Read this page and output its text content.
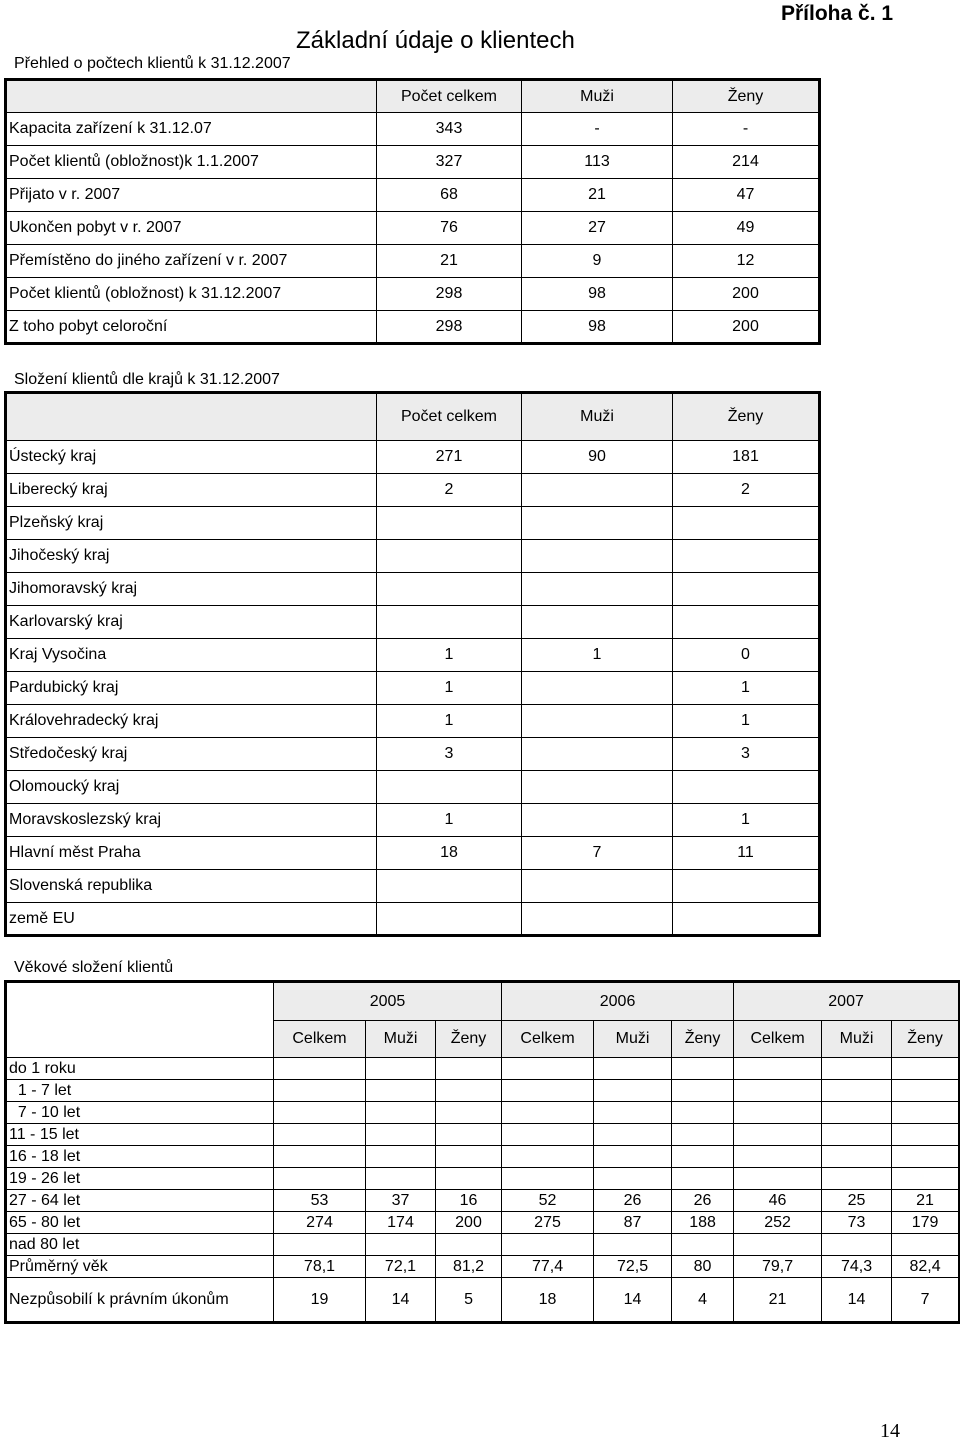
Příloha č. 1
Základní údaje o klientech
Přehled o počtech klientů k 31.12.2007
	Počet celkem	Muži	Ženy
Kapacita zařízení k 31.12.07	343	-	-
Počet klientů (obložnost)k 1.1.2007	327	113	214
Přijato v r. 2007	68	21	47
Ukončen pobyt v r. 2007	76	27	49
Přemístěno do jiného zařízení v r. 2007	21	9	12
Počet klientů (obložnost) k 31.12.2007	298	98	200
Z toho pobyt celoroční	298	98	200
Složení klientů dle krajů k 31.12.2007
	Počet celkem	Muži	Ženy
Ústecký kraj	271	90	181
Liberecký kraj	2		2
Plzeňský kraj			
Jihočeský kraj			
Jihomoravský kraj			
Karlovarský kraj			
Kraj Vysočina	1	1	0
Pardubický kraj	1		1
Královehradecký kraj	1		1
Středočeský kraj	3		3
Olomoucký kraj			
Moravskoslezský kraj	1		1
Hlavní měst Praha	18	7	11
Slovenská republika			
země EU			
Věkové složení klientů
	2005			2006			2007		
	Celkem	Muži	Ženy	Celkem	Muži	Ženy	Celkem	Muži	Ženy
do 1 roku									
1 - 7 let									
7 - 10 let									
11 - 15 let									
16 - 18 let									
19 - 26 let									
27 - 64 let	53	37	16	52	26	26	46	25	21
65 - 80 let	274	174	200	275	87	188	252	73	179
nad 80 let									
Průměrný věk	78,1	72,1	81,2	77,4	72,5	80	79,7	74,3	82,4
Nezpůsobilí k právním úkonům	19	14	5	18	14	4	21	14	7
14
